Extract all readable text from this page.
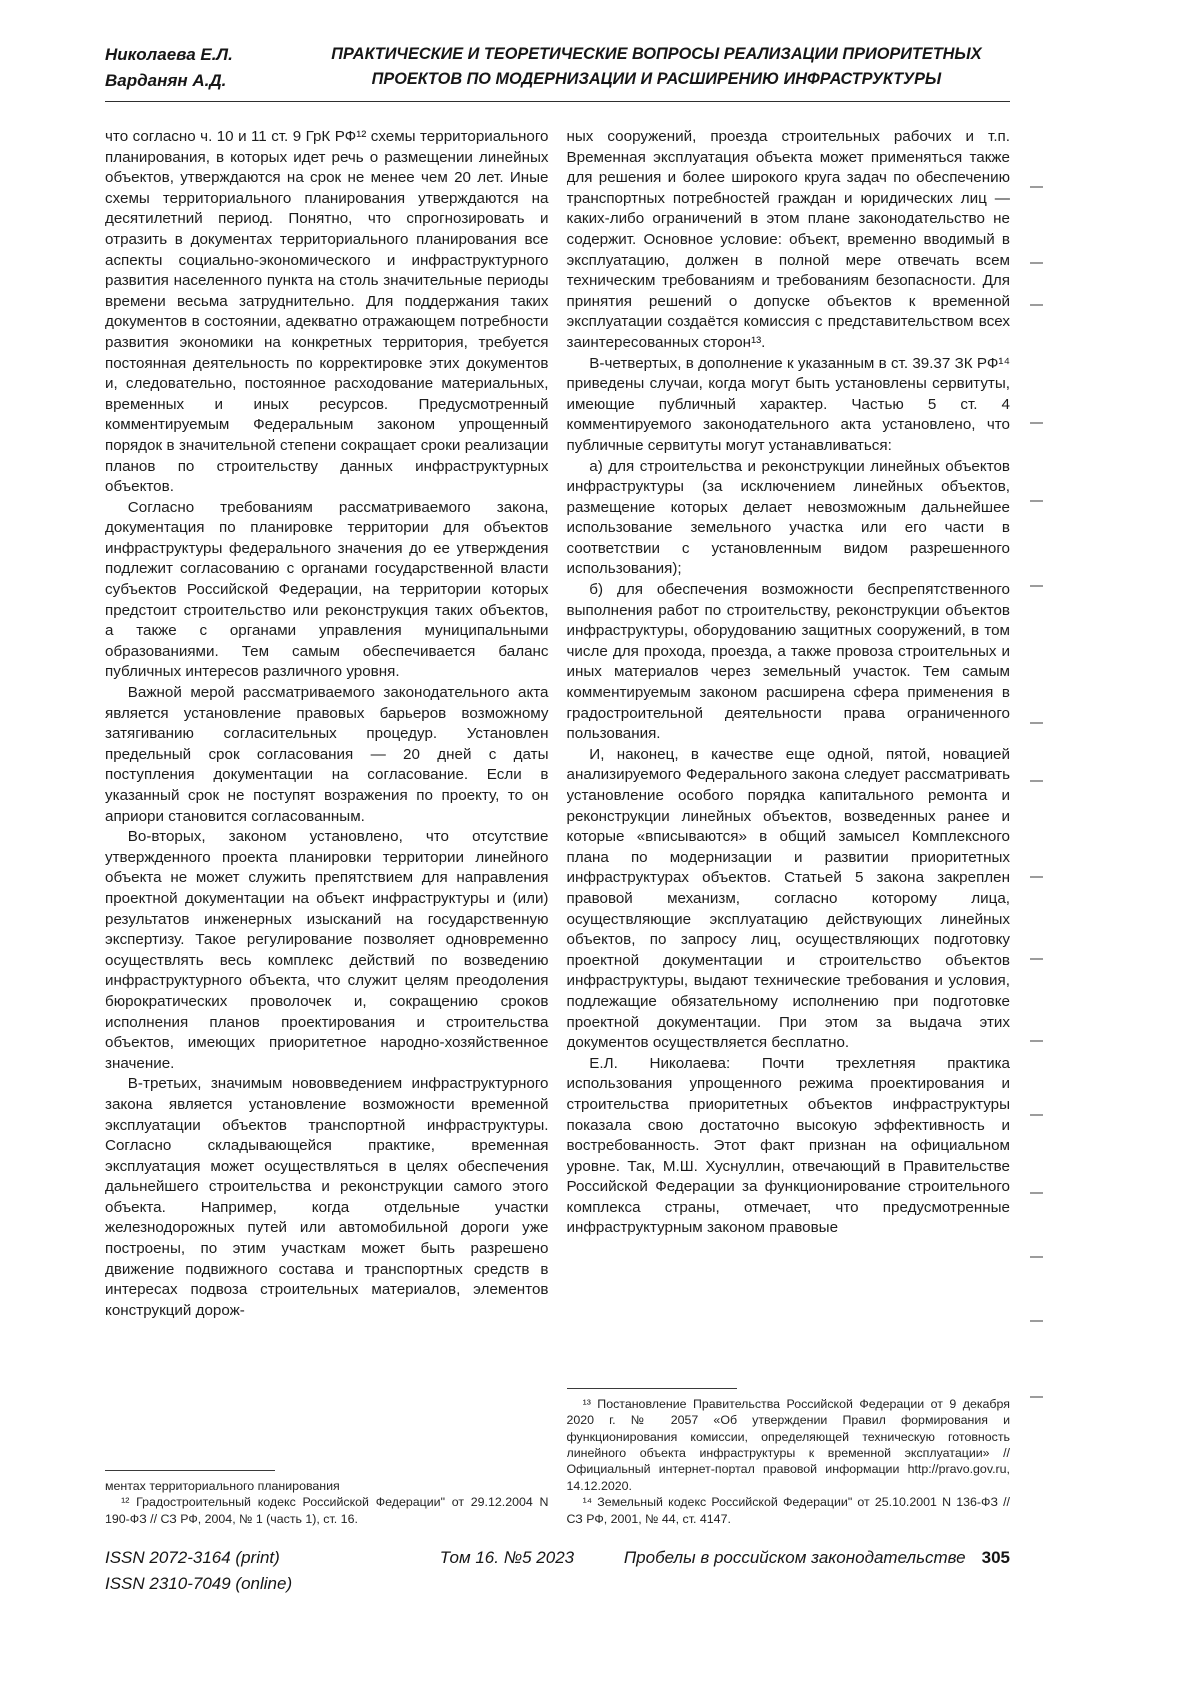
Николаева Е.Л.
Варданян А.Д.
ПРАКТИЧЕСКИЕ И ТЕОРЕТИЧЕСКИЕ ВОПРОСЫ РЕАЛИЗАЦИИ ПРИОРИТЕТНЫХ
ПРОЕКТОВ ПО МОДЕРНИЗАЦИИ И РАСШИРЕНИЮ ИНФРАСТРУКТУРЫ

что согласно ч. 10 и 11 ст. 9 ГрК РФ¹² схемы территориального планирования, в которых идет речь о размещении линейных объектов, утверждаются на срок не менее чем 20 лет. Иные схемы территориального планирования утверждаются на десятилетний период. Понятно, что спрогнозировать и отразить в документах территориального планирования все аспекты социально-экономического и инфраструктурного развития населенного пункта на столь значительные периоды времени весьма затруднительно. Для поддержания таких документов в состоянии, адекватно отражающем потребности развития экономики на конкретных территория, требуется постоянная деятельность по корректировке этих документов и, следовательно, постоянное расходование материальных, временных и иных ресурсов. Предусмотренный комментируемым Федеральным законом упрощенный порядок в значительной степени сокращает сроки реализации планов по строительству данных инфраструктурных объектов.

Согласно требованиям рассматриваемого закона, документация по планировке территории для объектов инфраструктуры федерального значения до ее утверждения подлежит согласованию с органами государственной власти субъектов Российской Федерации, на территории которых предстоит строительство или реконструкция таких объектов, а также с органами управления муниципальными образованиями. Тем самым обеспечивается баланс публичных интересов различного уровня.

Важной мерой рассматриваемого законодательного акта является установление правовых барьеров возможному затягиванию согласительных процедур. Установлен предельный срок согласования — 20 дней с даты поступления документации на согласование. Если в указанный срок не поступят возражения по проекту, то он априори становится согласованным.

Во-вторых, законом установлено, что отсутствие утвержденного проекта планировки территории линейного объекта не может служить препятствием для направления проектной документации на объект инфраструктуры и (или) результатов инженерных изысканий на государственную экспертизу. Такое регулирование позволяет одновременно осуществлять весь комплекс действий по возведению инфраструктурного объекта, что служит целям преодоления бюрократических проволочек и, сокращению сроков исполнения планов проектирования и строительства объектов, имеющих приоритетное народно-хозяйственное значение.

В-третьих, значимым нововведением инфраструктурного закона является установление возможности временной эксплуатации объектов транспортной инфраструктуры. Согласно складывающейся практике, временная эксплуатация может осуществляться в целях обеспечения дальнейшего строительства и реконструкции самого этого объекта. Например, когда отдельные участки железнодорожных путей или автомобильной дороги уже построены, по этим участкам может быть разрешено движение подвижного состава и транспортных средств в интересах подвоза строительных материалов, элементов конструкций дорож-

ментах территориального планирования

¹² Градостроительный кодекс Российской Федерации" от 29.12.2004 N 190-ФЗ // СЗ РФ, 2004, № 1 (часть 1), ст. 16.

ных сооружений, проезда строительных рабочих и т.п. Временная эксплуатация объекта может применяться также для решения и более широкого круга задач по обеспечению транспортных потребностей граждан и юридических лиц — каких-либо ограничений в этом плане законодательство не содержит. Основное условие: объект, временно вводимый в эксплуатацию, должен в полной мере отвечать всем техническим требованиям и требованиям безопасности. Для принятия решений о допуске объектов к временной эксплуатации создаётся комиссия с представительством всех заинтересованных сторон¹³.

В-четвертых, в дополнение к указанным в ст. 39.37 ЗК РФ¹⁴ приведены случаи, когда могут быть установлены сервитуты, имеющие публичный характер. Частью 5 ст. 4 комментируемого законодательного акта установлено, что публичные сервитуты могут устанавливаться:

а) для строительства и реконструкции линейных объектов инфраструктуры (за исключением линейных объектов, размещение которых делает невозможным дальнейшее использование земельного участка или его части в соответствии с установленным видом разрешенного использования);

б) для обеспечения возможности беспрепятственного выполнения работ по строительству, реконструкции объектов инфраструктуры, оборудованию защитных сооружений, в том числе для прохода, проезда, а также провоза строительных и иных материалов через земельный участок. Тем самым комментируемым законом расширена сфера применения в градостроительной деятельности права ограниченного пользования.

И, наконец, в качестве еще одной, пятой, новацией анализируемого Федерального закона следует рассматривать установление особого порядка капитального ремонта и реконструкции линейных объектов, возведенных ранее и которые «вписываются» в общий замысел Комплексного плана по модернизации и развитии приоритетных инфраструктурах объектов. Статьей 5 закона закреплен правовой механизм, согласно которому лица, осуществляющие эксплуатацию действующих линейных объектов, по запросу лиц, осуществляющих подготовку проектной документации и строительство объектов инфраструктуры, выдают технические требования и условия, подлежащие обязательному исполнению при подготовке проектной документации. При этом за выдача этих документов осуществляется бесплатно.

Е.Л. Николаева: Почти трехлетняя практика использования упрощенного режима проектирования и строительства приоритетных объектов инфраструктуры показала свою достаточно высокую эффективность и востребованность. Этот факт признан на официальном уровне. Так, М.Ш. Хуснуллин, отвечающий в Правительстве Российской Федерации за функционирование строительного комплекса страны, отмечает, что предусмотренные инфраструктурным законом правовые

¹³ Постановление Правительства Российской Федерации от 9 декабря 2020 г. № 2057 «Об утверждении Правил формирования и функционирования комиссии, определяющей техническую готовность линейного объекта инфраструктуры к временной эксплуатации» // Официальный интернет-портал правовой информации http://pravo.gov.ru, 14.12.2020.

¹⁴ Земельный кодекс Российской Федерации" от 25.10.2001 N 136-ФЗ // СЗ РФ, 2001, № 44, ст. 4147.

ISSN 2072-3164 (print)
ISSN 2310-7049 (online)
Том 16. №5 2023	Пробелы в российском законодательстве 305
